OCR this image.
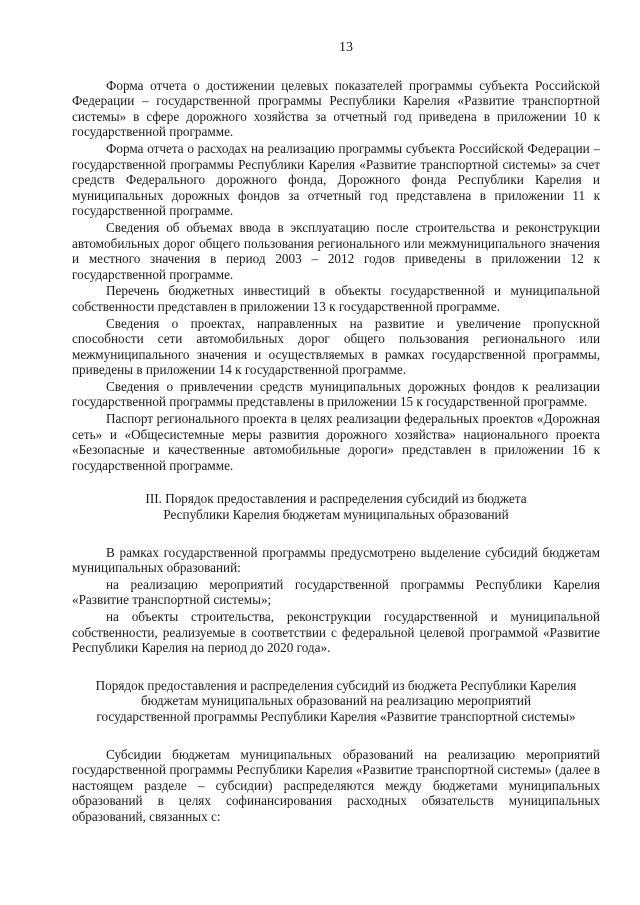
13

Форма отчета о достижении целевых показателей программы субъекта Российской Федерации – государственной программы Республики Карелия «Развитие транспортной системы» в сфере дорожного хозяйства за отчетный год приведена в приложении 10 к государственной программе.

Форма отчета о расходах на реализацию программы субъекта Российской Федерации – государственной программы Республики Карелия «Развитие транспортной системы» за счет средств Федерального дорожного фонда, Дорожного фонда Республики Карелия и муниципальных дорожных фондов за отчетный год представлена в приложении 11 к государственной программе.

Сведения об объемах ввода в эксплуатацию после строительства и реконструкции автомобильных дорог общего пользования регионального или межмуниципального значения и местного значения в период 2003 – 2012 годов приведены в приложении 12 к государственной программе.

Перечень бюджетных инвестиций в объекты государственной и муниципальной собственности представлен в приложении 13 к государственной программе.

Сведения о проектах, направленных на развитие и увеличение пропускной способности сети автомобильных дорог общего пользования регионального или межмуниципального значения и осуществляемых в рамках государственной программы, приведены в приложении 14 к государственной программе.

Сведения о привлечении средств муниципальных дорожных фондов к реализации государственной программы представлены в приложении 15 к государственной программе.

Паспорт регионального проекта в целях реализации федеральных проектов «Дорожная сеть» и «Общесистемные меры развития дорожного хозяйства» национального проекта «Безопасные и качественные автомобильные дороги» представлен в приложении 16 к государственной программе.

III. Порядок предоставления и распределения субсидий из бюджета
Республики Карелия бюджетам муниципальных образований

В рамках государственной программы предусмотрено выделение субсидий бюджетам муниципальных образований:

на реализацию мероприятий государственной программы Республики Карелия «Развитие транспортной системы»;

на объекты строительства, реконструкции государственной и муниципальной собственности, реализуемые в соответствии с федеральной целевой программой «Развитие Республики Карелия на период до 2020 года».

Порядок предоставления и распределения субсидий из бюджета Республики Карелия
бюджетам муниципальных образований на реализацию мероприятий
государственной программы Республики Карелия «Развитие транспортной системы»

Субсидии бюджетам муниципальных образований на реализацию мероприятий государственной программы Республики Карелия «Развитие транспортной системы» (далее в настоящем разделе – субсидии) распределяются между бюджетами муниципальных образований в целях софинансирования расходных обязательств муниципальных образований, связанных с:
